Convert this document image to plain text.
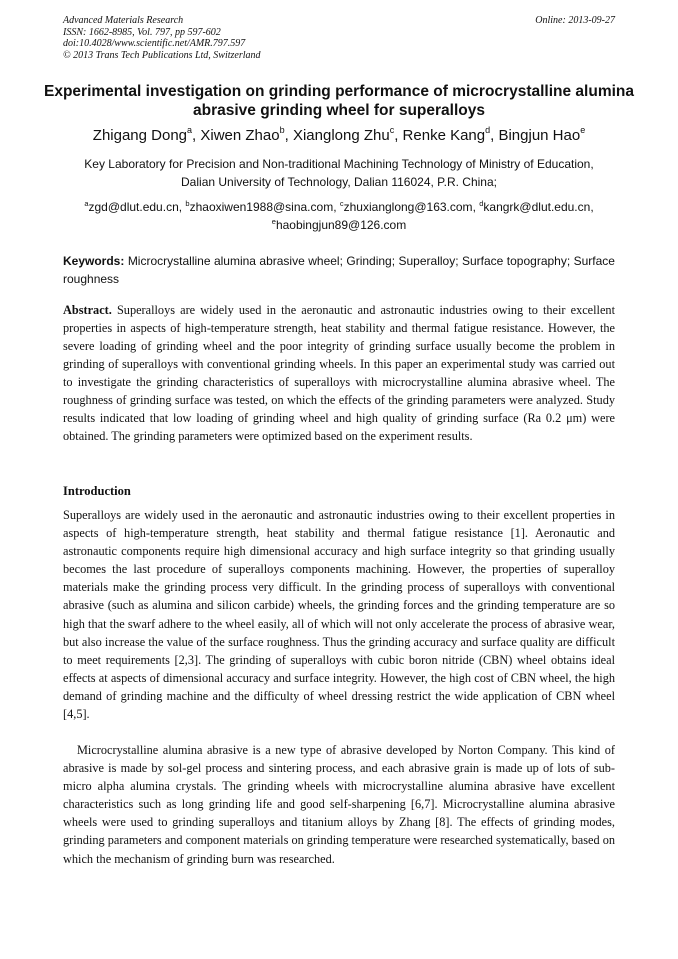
Advanced Materials Research
ISSN: 1662-8985, Vol. 797, pp 597-602
doi:10.4028/www.scientific.net/AMR.797.597
© 2013 Trans Tech Publications Ltd, Switzerland
Online: 2013-09-27
Experimental investigation on grinding performance of microcrystalline alumina abrasive grinding wheel for superalloys
Zhigang Dong$^a$, Xiwen Zhao$^b$, Xianglong Zhu$^c$, Renke Kang$^d$, Bingjun Hao$^e$
Key Laboratory for Precision and Non-traditional Machining Technology of Ministry of Education,
Dalian University of Technology, Dalian 116024, P.R. China;
$^a$zgd@dlut.edu.cn, $^b$zhaoxiwen1988@sina.com, $^c$zhuxianglong@163.com, $^d$kangrk@dlut.edu.cn,
$^e$haobingjun89@126.com
Keywords: Microcrystalline alumina abrasive wheel; Grinding; Superalloy; Surface topography; Surface roughness
Abstract. Superalloys are widely used in the aeronautic and astronautic industries owing to their excellent properties in aspects of high-temperature strength, heat stability and thermal fatigue resistance. However, the severe loading of grinding wheel and the poor integrity of grinding surface usually become the problem in grinding of superalloys with conventional grinding wheels. In this paper an experimental study was carried out to investigate the grinding characteristics of superalloys with microcrystalline alumina abrasive wheel. The roughness of grinding surface was tested, on which the effects of the grinding parameters were analyzed. Study results indicated that low loading of grinding wheel and high quality of grinding surface (Ra 0.2 μm) were obtained. The grinding parameters were optimized based on the experiment results.
Introduction
Superalloys are widely used in the aeronautic and astronautic industries owing to their excellent properties in aspects of high-temperature strength, heat stability and thermal fatigue resistance [1]. Aeronautic and astronautic components require high dimensional accuracy and high surface integrity so that grinding usually becomes the last procedure of superalloys components machining. However, the properties of superalloy materials make the grinding process very difficult. In the grinding process of superalloys with conventional abrasive (such as alumina and silicon carbide) wheels, the grinding forces and the grinding temperature are so high that the swarf adhere to the wheel easily, all of which will not only accelerate the process of abrasive wear, but also increase the value of the surface roughness. Thus the grinding accuracy and surface quality are difficult to meet requirements [2,3]. The grinding of superalloys with cubic boron nitride (CBN) wheel obtains ideal effects at aspects of dimensional accuracy and surface integrity. However, the high cost of CBN wheel, the high demand of grinding machine and the difficulty of wheel dressing restrict the wide application of CBN wheel [4,5].
Microcrystalline alumina abrasive is a new type of abrasive developed by Norton Company. This kind of abrasive is made by sol-gel process and sintering process, and each abrasive grain is made up of lots of sub-micro alpha alumina crystals. The grinding wheels with microcrystalline alumina abrasive have excellent characteristics such as long grinding life and good self-sharpening [6,7]. Microcrystalline alumina abrasive wheels were used to grinding superalloys and titanium alloys by Zhang [8]. The effects of grinding modes, grinding parameters and component materials on grinding temperature were researched systematically, based on which the mechanism of grinding burn was researched.
